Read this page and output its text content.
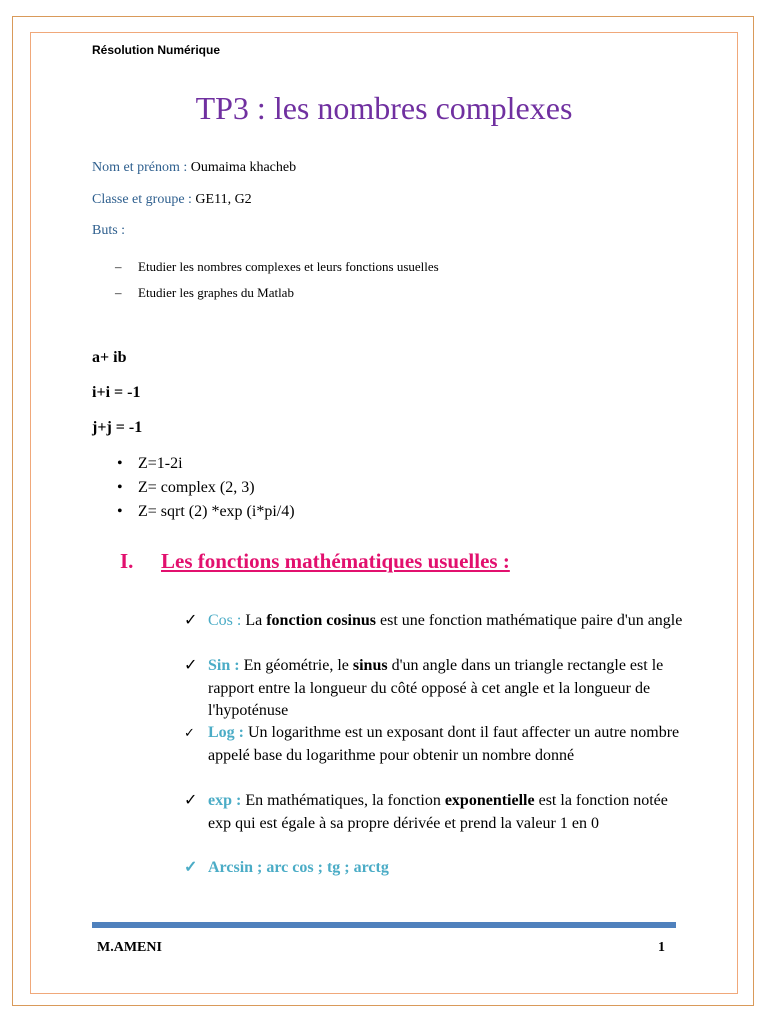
Résolution Numérique
TP3 : les nombres complexes
Nom et prénom : Oumaima khacheb
Classe et groupe : GE11, G2
Buts :
– Etudier les nombres complexes et leurs fonctions usuelles
– Etudier les graphes du Matlab
a+ ib
i+i = -1
j+j = -1
• Z=1-2i
• Z= complex (2, 3)
• Z= sqrt (2) *exp (i*pi/4)
I. Les fonctions mathématiques usuelles :
✓ Cos : La fonction cosinus est une fonction mathématique paire d'un angle
✓ Sin : En géométrie, le sinus d'un angle dans un triangle rectangle est le rapport entre la longueur du côté opposé à cet angle et la longueur de l'hypoténuse
✓ Log : Un logarithme est un exposant dont il faut affecter un autre nombre appelé base du logarithme pour obtenir un nombre donné
✓ exp : En mathématiques, la fonction exponentielle est la fonction notée exp qui est égale à sa propre dérivée et prend la valeur 1 en 0
✓ Arcsin ; arc cos ; tg ; arctg
M.AMENI	1
